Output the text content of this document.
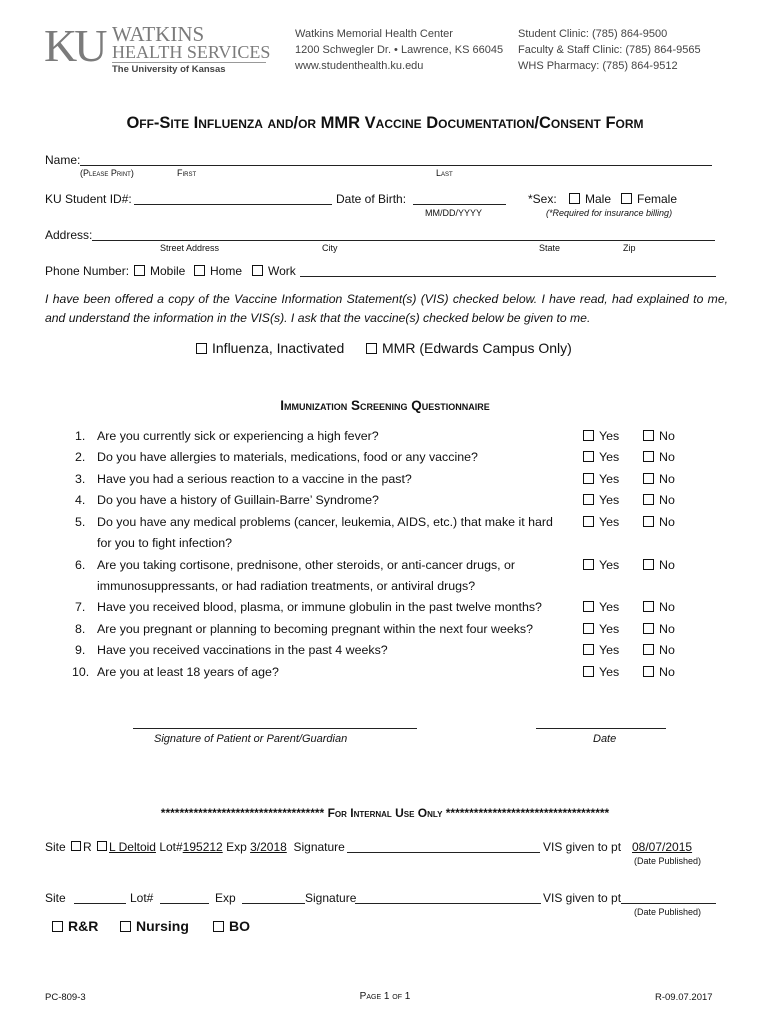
KU WATKINS
HEALTH SERVICES
The University of Kansas
Watkins Memorial Health Center
1200 Schwegler Dr. • Lawrence, KS 66045
www.studenthealth.ku.edu
Student Clinic: (785) 864-9500
Faculty & Staff Clinic: (785) 864-9565
WHS Pharmacy: (785) 864-9512
Off-Site Influenza and/or MMR Vaccine Documentation/Consent Form
Name:
(Please Print)	First	Last
KU Student ID#:	Date of Birth:
MM/DD/YYYY
*Sex:	Male	Female
(*Required for insurance billing)
Address:
Street Address	City	State	Zip
Phone Number:	Mobile	Home	Work
I have been offered a copy of the Vaccine Information Statement(s) (VIS) checked below. I have read, had explained to me, and understand the information in the VIS(s). I ask that the vaccine(s) checked below be given to me.
Influenza, Inactivated	MMR (Edwards Campus Only)
Immunization Screening Questionnaire
1. Are you currently sick or experiencing a high fever?	Yes	No
2. Do you have allergies to materials, medications, food or any vaccine?	Yes	No
3. Have you had a serious reaction to a vaccine in the past?	Yes	No
4. Do you have a history of Guillain-Barre’ Syndrome?	Yes	No
5. Do you have any medical problems (cancer, leukemia, AIDS, etc.) that make it hard
for you to fight infection?
Yes	No
6. Are you taking cortisone, prednisone, other steroids, or anti-cancer drugs, or
immunosuppressants, or had radiation treatments, or antiviral drugs?
Yes	No
7. Have you received blood, plasma, or immune globulin in the past twelve months?	Yes	No
8. Are you pregnant or planning to becoming pregnant within the next four weeks?	Yes	No
9. Have you received vaccinations in the past 4 weeks?	Yes	No
10. Are you at least 18 years of age?	Yes	No
Signature of Patient or Parent/Guardian	Date
*********************************** For Internal Use Only ***********************************
Site R L Deltoid Lot#195212 Exp 3/2018 Signature	VIS given to pt 08/07/2015
(Date Published)
Site	Lot#	Exp	Signature	VIS given to pt
(Date Published)
R&R	Nursing	BO
PC-809-3	Page 1 of 1	R-09.07.2017
